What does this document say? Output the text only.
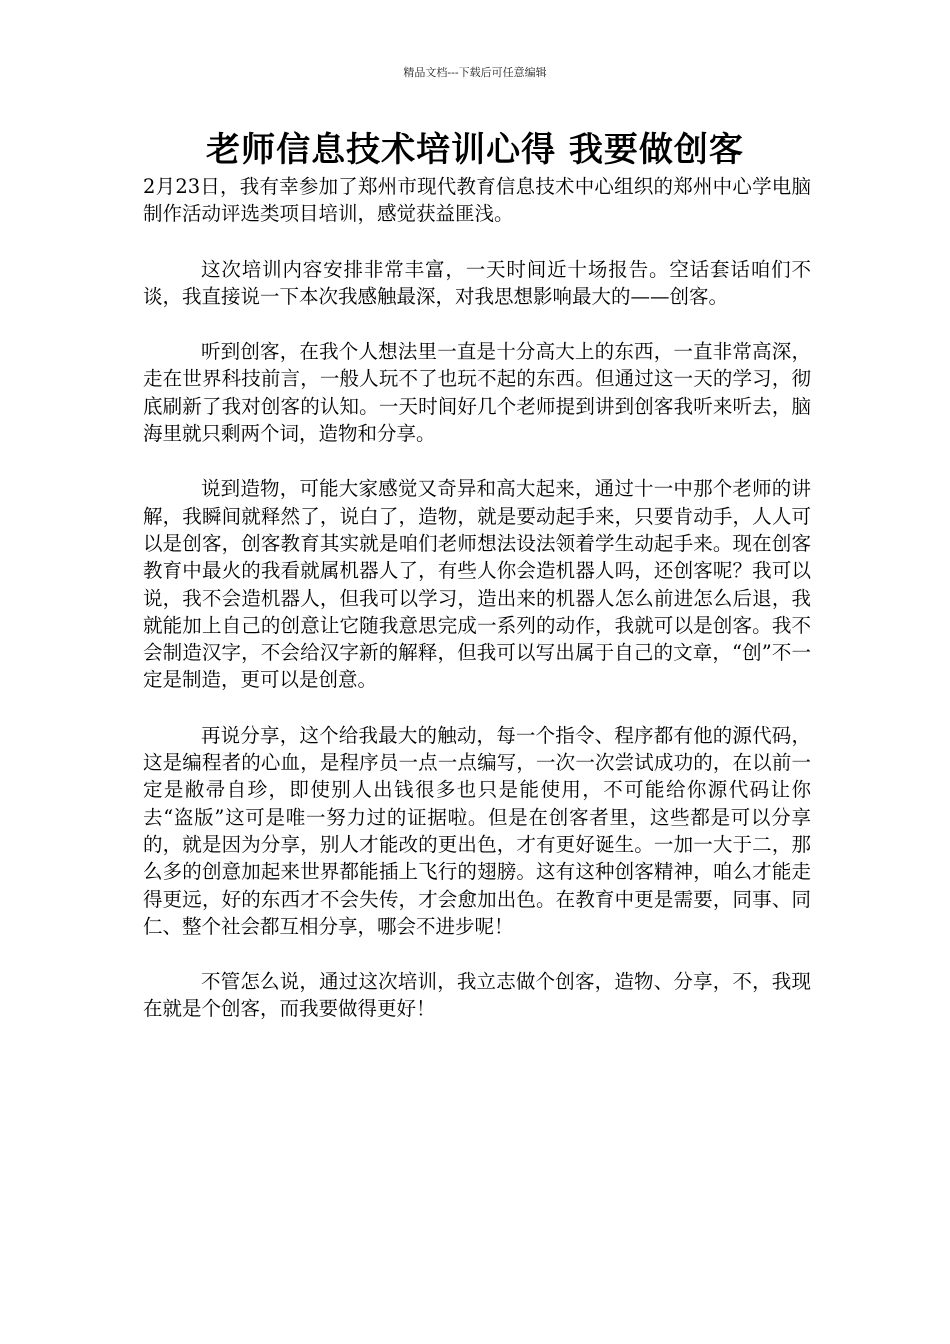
精品文档---下载后可任意编辑
老师信息技术培训心得 我要做创客

2月23日，我有幸参加了郑州市现代教育信息技术中心组织的郑州中心学电脑制作活动评选类项目培训，感觉获益匪浅。

这次培训内容安排非常丰富，一天时间近十场报告。空话套话咱们不谈，我直接说一下本次我感触最深，对我思想影响最大的——创客。

听到创客，在我个人想法里一直是十分高大上的东西，一直非常高深，走在世界科技前言，一般人玩不了也玩不起的东西。但通过这一天的学习，彻底刷新了我对创客的认知。一天时间好几个老师提到讲到创客我听来听去，脑海里就只剩两个词，造物和分享。

说到造物，可能大家感觉又奇异和高大起来，通过十一中那个老师的讲解，我瞬间就释然了，说白了，造物，就是要动起手来，只要肯动手，人人可以是创客，创客教育其实就是咱们老师想法设法领着学生动起手来。现在创客教育中最火的我看就属机器人了，有些人你会造机器人吗，还创客呢？我可以说，我不会造机器人，但我可以学习，造出来的机器人怎么前进怎么后退，我就能加上自己的创意让它随我意思完成一系列的动作，我就可以是创客。我不会制造汉字，不会给汉字新的解释，但我可以写出属于自己的文章，“创”不一定是制造，更可以是创意。

再说分享，这个给我最大的触动，每一个指令、程序都有他的源代码，这是编程者的心血，是程序员一点一点编写，一次一次尝试成功的，在以前一定是敝帚自珍，即使别人出钱很多也只是能使用，不可能给你源代码让你去“盗版”这可是唯一努力过的证据啦。但是在创客者里，这些都是可以分享的，就是因为分享，别人才能改的更出色，才有更好诞生。一加一大于二，那么多的创意加起来世界都能插上飞行的翅膀。这有这种创客精神，咱么才能走得更远，好的东西才不会失传，才会愈加出色。在教育中更是需要，同事、同仁、整个社会都互相分享，哪会不进步呢！

不管怎么说，通过这次培训，我立志做个创客，造物、分享，不，我现在就是个创客，而我要做得更好！
